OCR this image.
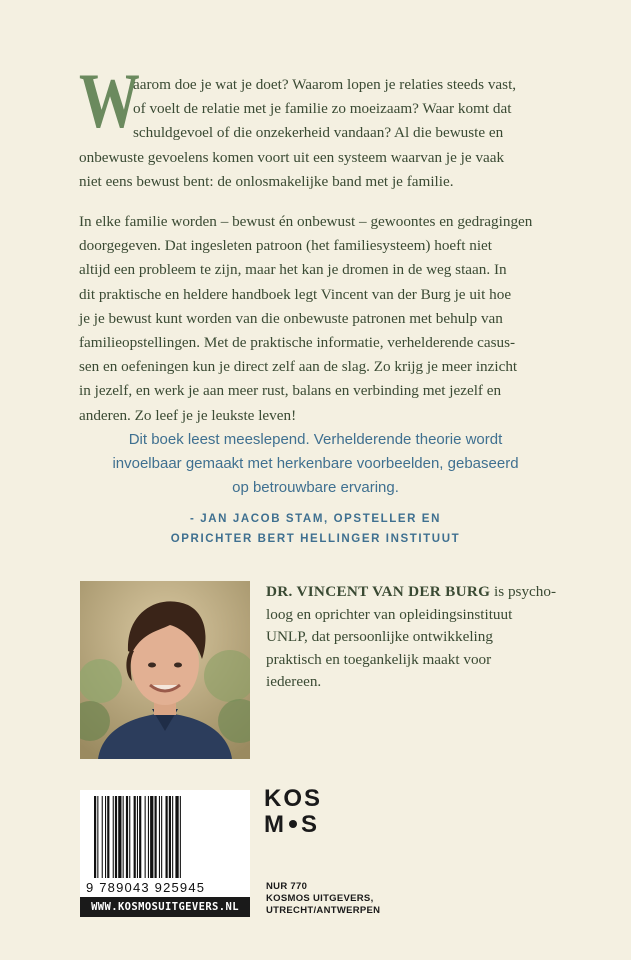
W
aarom doe je wat je doet? Waarom lopen je relaties steeds vast,
of voelt de relatie met je familie zo moeizaam? Waar komt dat
schuldgevoel of die onzekerheid vandaan? Al die bewuste en
onbewuste gevoelens komen voort uit een systeem waarvan je je vaak
niet eens bewust bent: de onlosmakelijke band met je familie.
In elke familie worden – bewust én onbewust – gewoontes en gedragingen
doorgegeven. Dat ingesleten patroon (het familiesysteem) hoeft niet
altijd een probleem te zijn, maar het kan je dromen in de weg staan. In
dit praktische en heldere handboek legt Vincent van der Burg je uit hoe
je je bewust kunt worden van die onbewuste patronen met behulp van
familieopstellingen. Met de praktische informatie, verhelderende casus-
sen en oefeningen kun je direct zelf aan de slag. Zo krijg je meer inzicht
in jezelf, en werk je aan meer rust, balans en verbinding met jezelf en
anderen. Zo leef je je leukste leven!
Dit boek leest meeslepend. Verhelderende theorie wordt
invoelbaar gemaakt met herkenbare voorbeelden, gebaseerd
op betrouwbare ervaring.
- JAN JACOB STAM, OPSTELLER EN
OPRICHTER BERT HELLINGER INSTITUUT
DR. VINCENT VAN DER BURG is psycho-
loog en oprichter van opleidingsinstituut
UNLP, dat persoonlijke ontwikkeling
praktisch en toegankelijk maakt voor
iedereen.
9 789043 925945
WWW.KOSMOSUITGEVERS.NL
KOS
M S
NUR 770
KOSMOS UITGEVERS,
UTRECHT/ANTWERPEN
